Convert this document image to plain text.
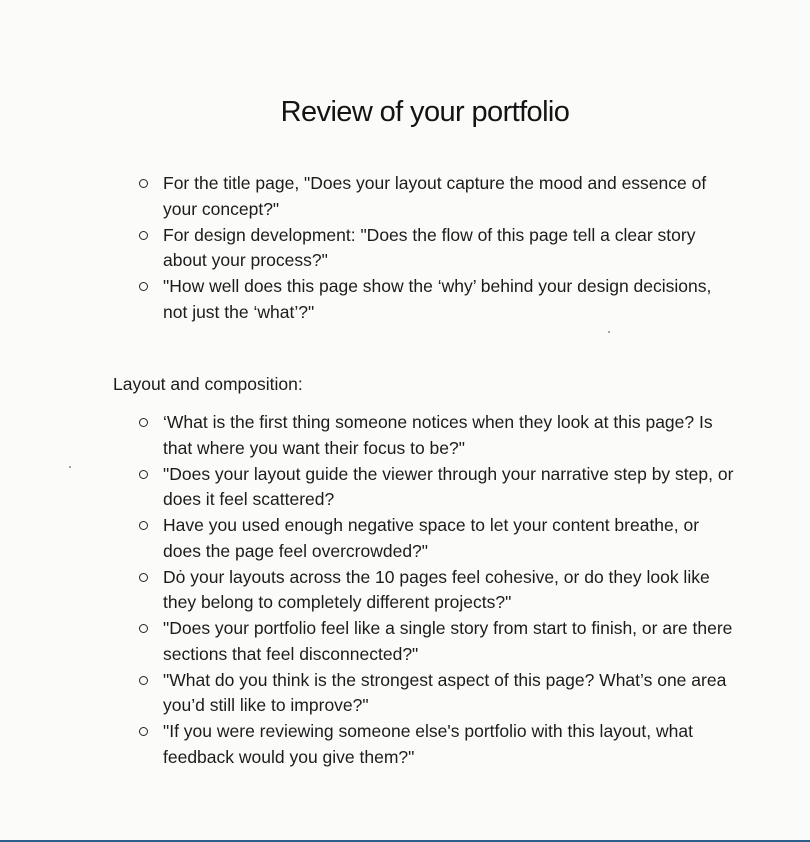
Review of your portfolio
For the title page, "Does your layout capture the mood and essence of your concept?"
For design development: "Does the flow of this page tell a clear story about your process?"
"How well does this page show the ‘why’ behind your design decisions, not just the ‘what’?"
Layout and composition:
‘What is the first thing someone notices when they look at this page? Is that where you want their focus to be?"
"Does your layout guide the viewer through your narrative step by step, or does it feel scattered?
Have you used enough negative space to let your content breathe, or does the page feel overcrowded?"
Dȯ your layouts across the 10 pages feel cohesive, or do they look like they belong to completely different projects?"
"Does your portfolio feel like a single story from start to finish, or are there sections that feel disconnected?"
"What do you think is the strongest aspect of this page? What’s one area you’d still like to improve?"
"If you were reviewing someone else's portfolio with this layout, what feedback would you give them?"
